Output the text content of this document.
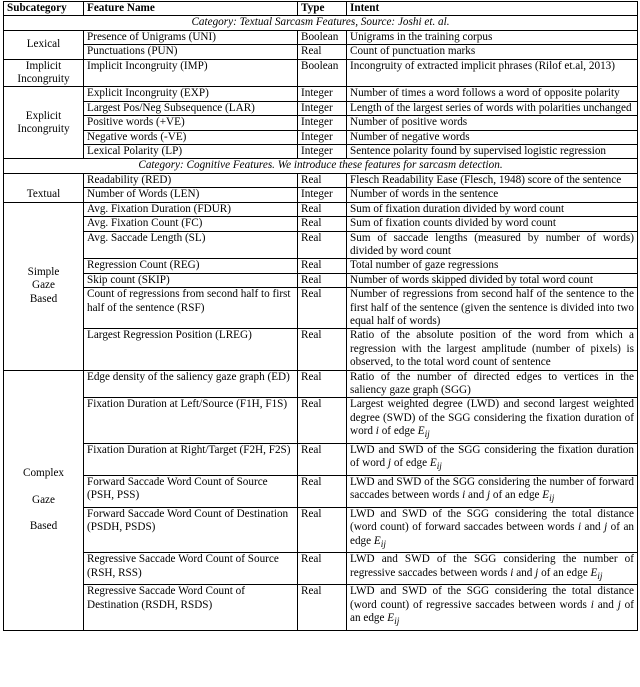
Subcategory	Feature Name	Type	Intent
Category: Textual Sarcasm Features, Source: Joshi et. al.			
Lexical	Presence of Unigrams (UNI)	Boolean	Unigrams in the training corpus
	Punctuations (PUN)	Real	Count of punctuation marks
Implicit Incongruity	Implicit Incongruity (IMP)	Boolean	Incongruity of extracted implicit phrases (Rilof et.al, 2013)
Explicit Incongruity	Explicit Incongruity (EXP)	Integer	Number of times a word follows a word of opposite polarity
	Largest Pos/Neg Subsequence (LAR)	Integer	Length of the largest series of words with polarities unchanged
	Positive words (+VE)	Integer	Number of positive words
	Negative words (-VE)	Integer	Number of negative words
	Lexical Polarity (LP)	Integer	Sentence polarity found by supervised logistic regression
Category: Cognitive Features. We introduce these features for sarcasm detection.			
Textual	Readability (RED)	Real	Flesch Readability Ease (Flesch, 1948) score of the sentence
	Number of Words (LEN)	Integer	Number of words in the sentence

Simple
Gaze
Based	Avg. Fixation Duration (FDUR)	Real	Sum of fixation duration divided by word count
	Avg. Fixation Count (FC)	Real	Sum of fixation counts divided by word count
	Avg. Saccade Length (SL)	Real	Sum of saccade lengths (measured by number of words) divided by word count
	Regression Count (REG)	Real	Total number of gaze regressions
	Skip count (SKIP)	Real	Number of words skipped divided by total word count
	Count of regressions from second half to first half of the sentence (RSF)	Real	Number of regressions from second half of the sentence to the first half of the sentence (given the sentence is divided into two equal half of words)
	Largest Regression Position (LREG)	Real	Ratio of the absolute position of the word from which a regression with the largest amplitude (number of pixels) is observed, to the total word count of sentence

Complex
Gaze
Based	Edge density of the saliency gaze graph (ED)	Real	Ratio of the number of directed edges to vertices in the saliency gaze graph (SGG)
	Fixation Duration at Left/Source (F1H, F1S)	Real	Largest weighted degree (LWD) and second largest weighted degree (SWD) of the SGG considering the fixation duration of word i of edge $E_{ij}$
	Fixation Duration at Right/Target (F2H, F2S)	Real	LWD and SWD of the SGG considering the fixation duration of word j of edge $E_{ij}$
	Forward Saccade Word Count of Source (PSH, PSS)	Real	LWD and SWD of the SGG considering the number of forward saccades between words i and j of an edge $E_{ij}$
	Forward Saccade Word Count of Destination (PSDH, PSDS)	Real	LWD and SWD of the SGG considering the total distance (word count) of forward saccades between words i and j of an edge $E_{ij}$
	Regressive Saccade Word Count of Source (RSH, RSS)	Real	LWD and SWD of the SGG considering the number of regressive saccades between words i and j of an edge $E_{ij}$
	Regressive Saccade Word Count of Destination (RSDH, RSDS)	Real	LWD and SWD of the SGG considering the total distance (word count) of regressive saccades between words i and j of an edge $E_{ij}$
